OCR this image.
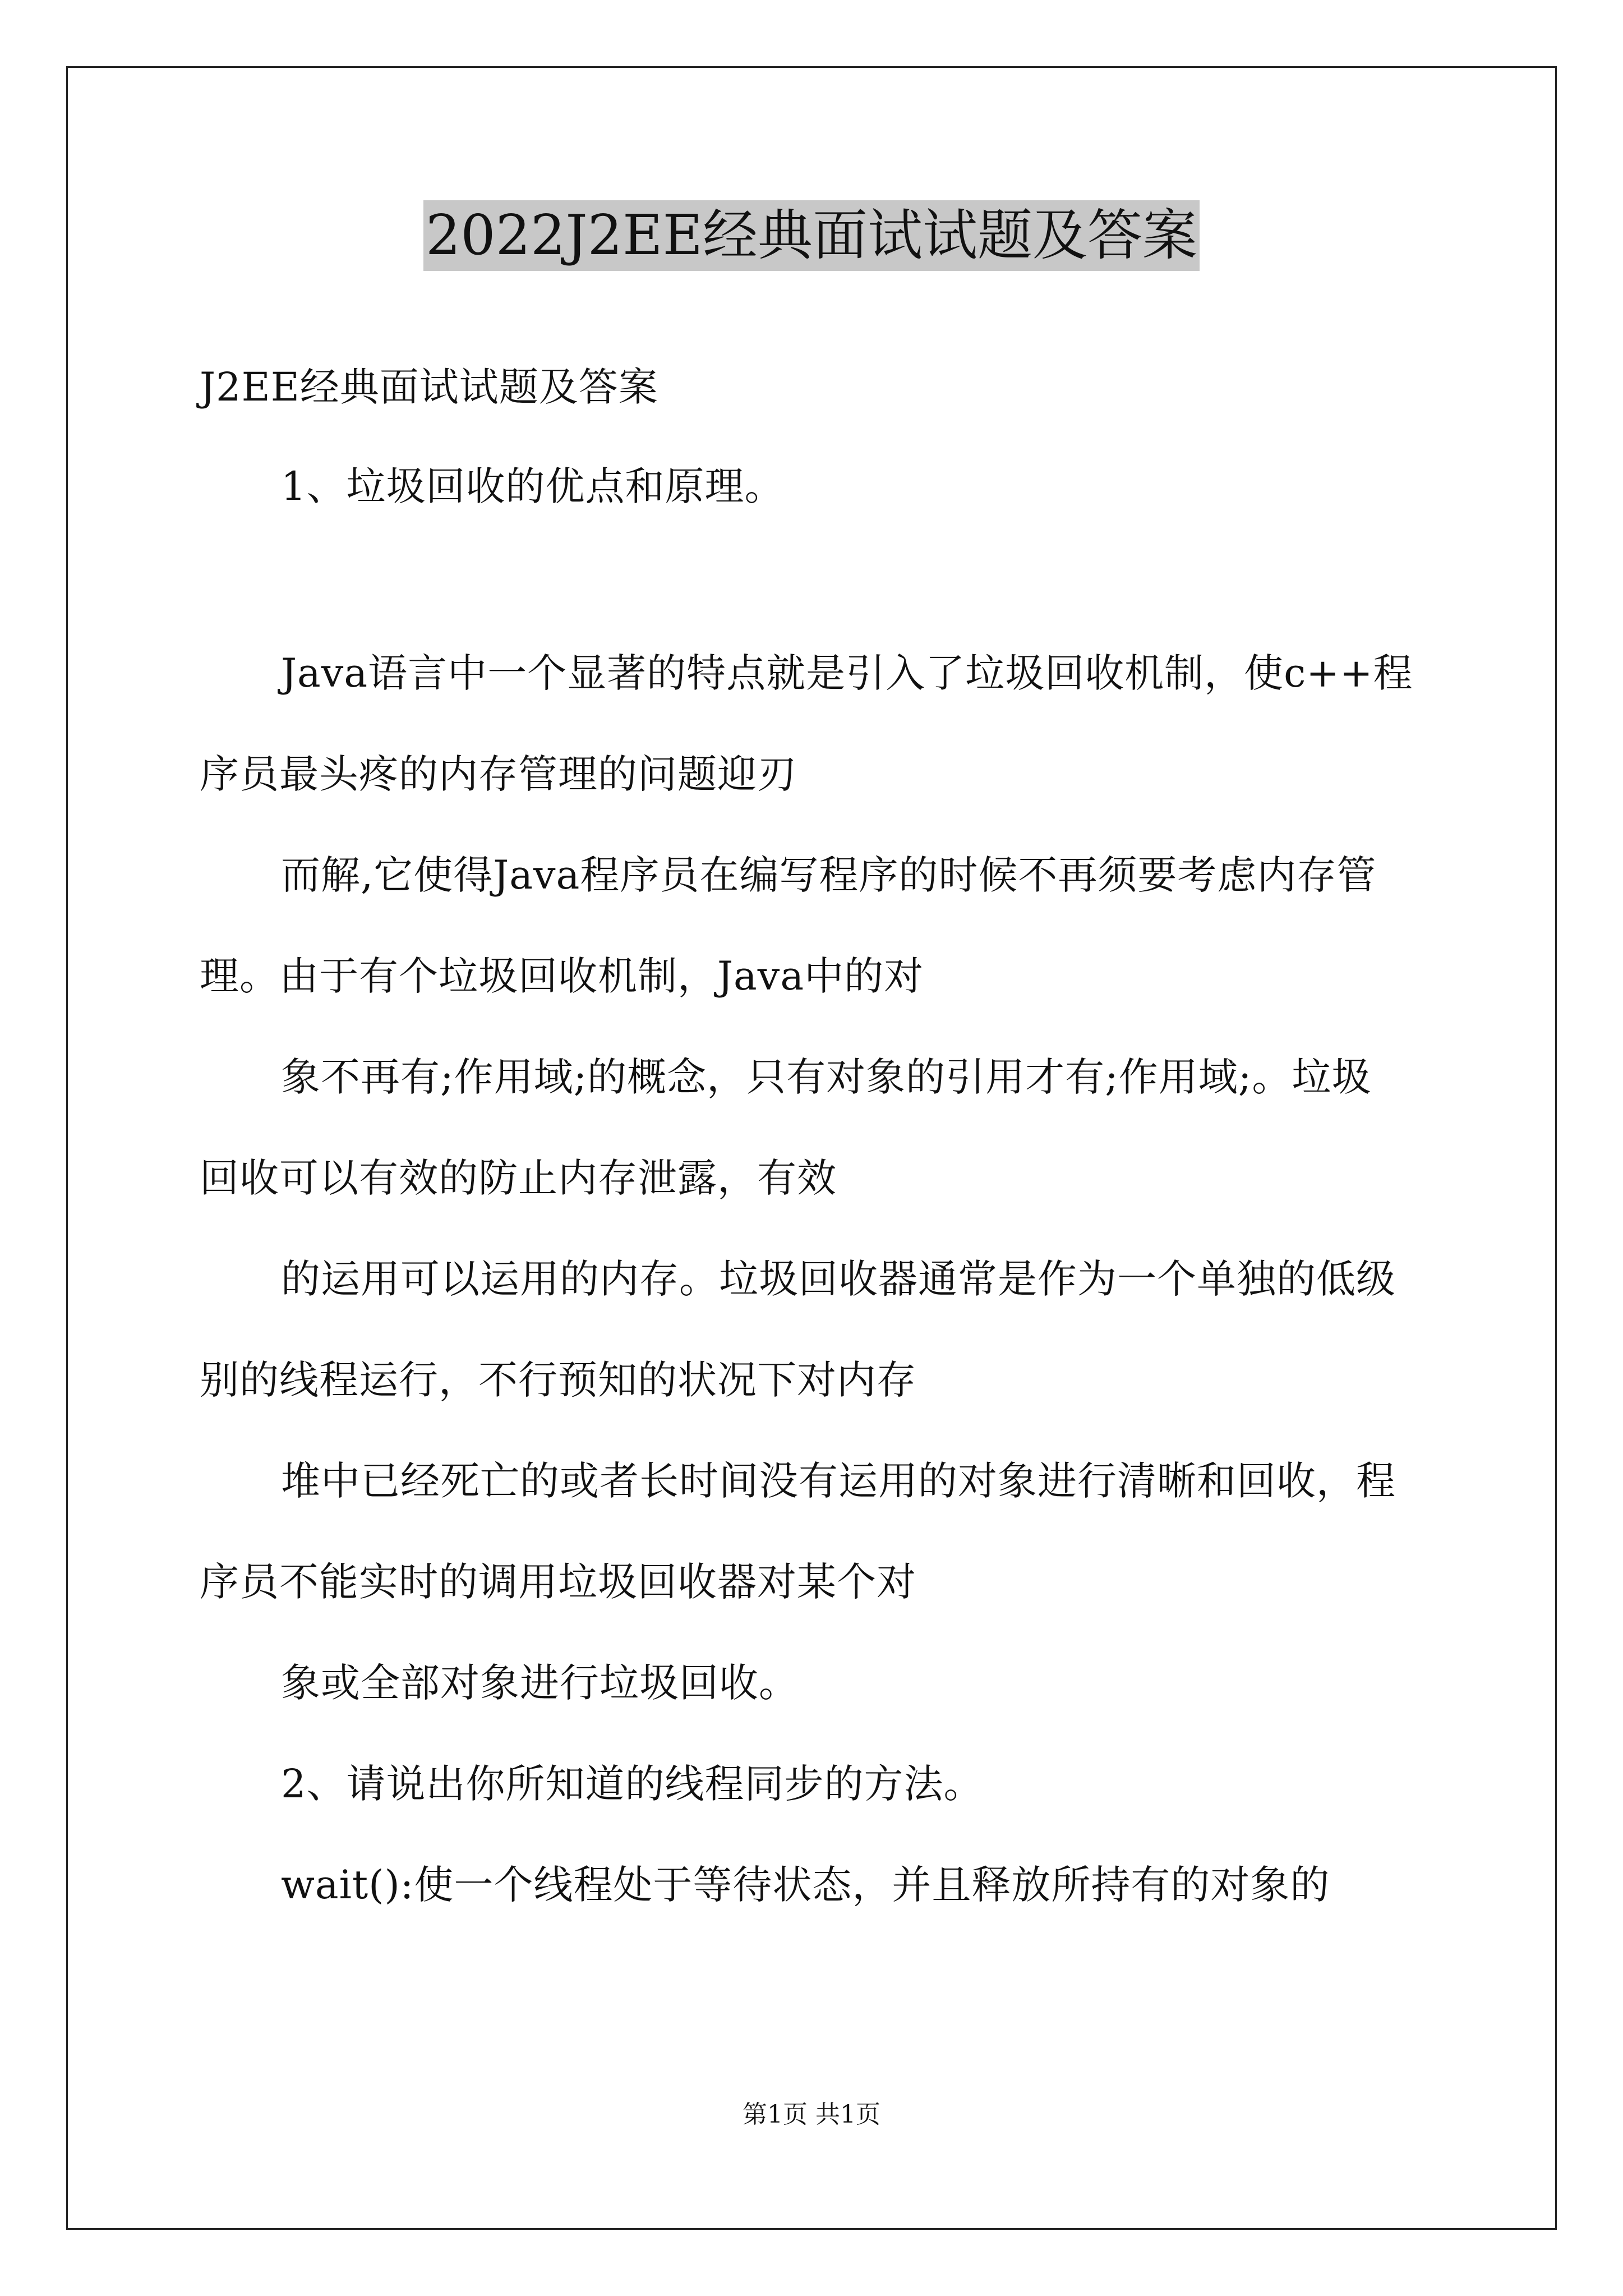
2022J2EE经典面试试题及答案
J2EE经典面试试题及答案
1、垃圾回收的优点和原理。
Java语言中一个显著的特点就是引入了垃圾回收机制，使c++程
序员最头疼的内存管理的问题迎刃
而解,它使得Java程序员在编写程序的时候不再须要考虑内存管
理。由于有个垃圾回收机制，Java中的对
象不再有;作用域;的概念，只有对象的引用才有;作用域;。垃圾
回收可以有效的防止内存泄露，有效
的运用可以运用的内存。垃圾回收器通常是作为一个单独的低级
别的线程运行，不行预知的状况下对内存
堆中已经死亡的或者长时间没有运用的对象进行清晰和回收，程
序员不能实时的调用垃圾回收器对某个对
象或全部对象进行垃圾回收。
2、请说出你所知道的线程同步的方法。
wait():使一个线程处于等待状态，并且释放所持有的对象的
第1页 共1页
